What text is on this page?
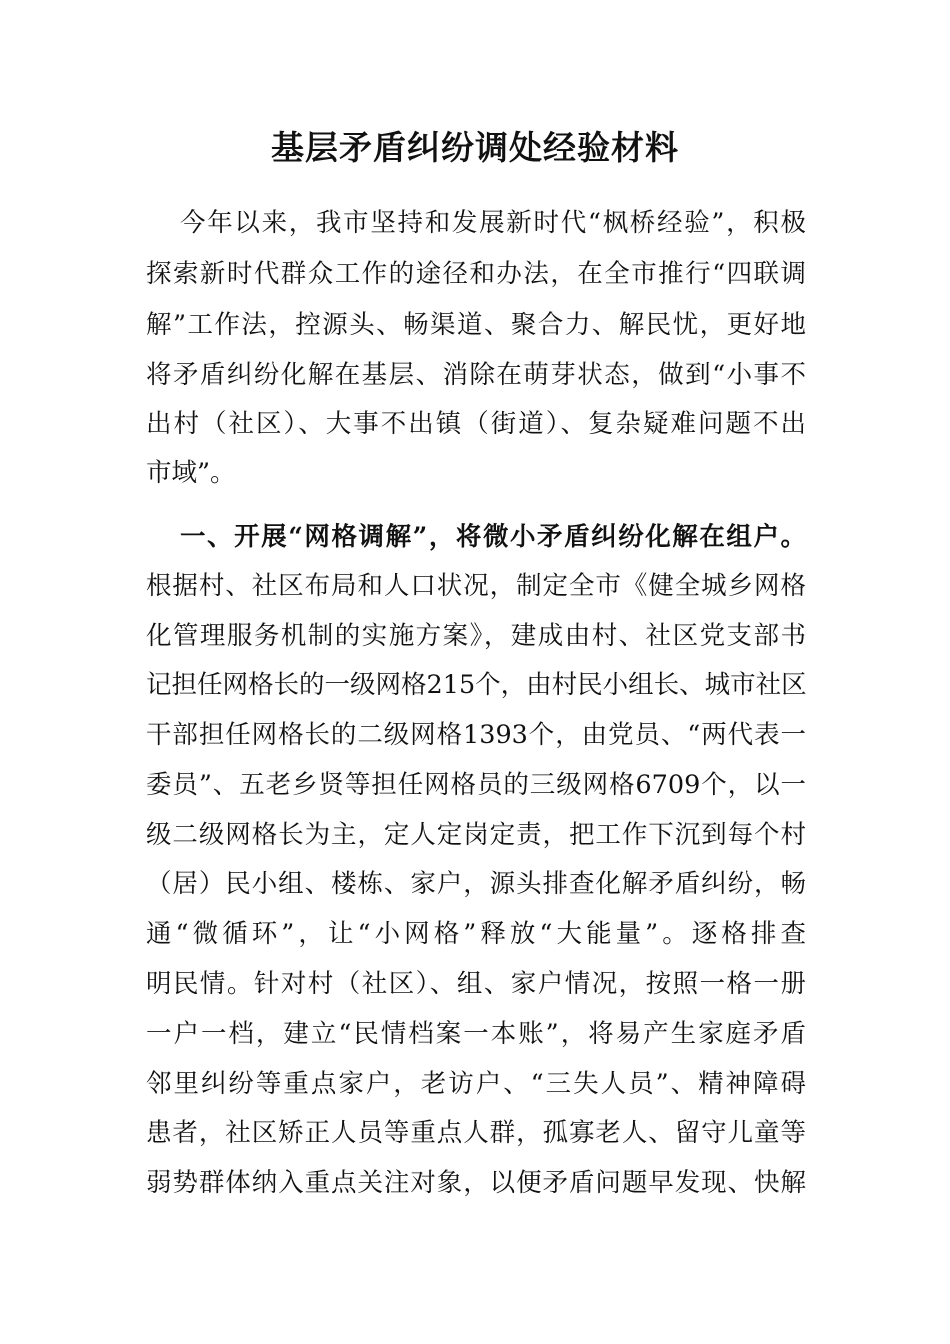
基层矛盾纠纷调处经验材料

今年以来，我市坚持和发展新时代“枫桥经验”，积极

探索新时代群众工作的途径和办法，在全市推行“四联调

解”工作法，控源头、畅渠道、聚合力、解民忧，更好地

将矛盾纠纷化解在基层、消除在萌芽状态，做到“小事不

出村（社区）、大事不出镇（街道）、复杂疑难问题不出

市域”。

一、开展“网格调解”，将微小矛盾纠纷化解在组户。

根据村、社区布局和人口状况，制定全市《健全城乡网格

化管理服务机制的实施方案》，建成由村、社区党支部书

记担任网格长的一级网格215个，由村民小组长、城市社区

干部担任网格长的二级网格1393个，由党员、“两代表一

委员”、五老乡贤等担任网格员的三级网格6709个，以一

级二级网格长为主，定人定岗定责，把工作下沉到每个村

（居）民小组、楼栋、家户，源头排查化解矛盾纠纷，畅

通“微循环”，让“小网格”释放“大能量”。逐格排查

明民情。针对村（社区）、组、家户情况，按照一格一册

一户一档，建立“民情档案一本账”，将易产生家庭矛盾

邻里纠纷等重点家户，老访户、“三失人员”、精神障碍

患者，社区矫正人员等重点人群，孤寡老人、留守儿童等

弱势群体纳入重点关注对象，以便矛盾问题早发现、快解
